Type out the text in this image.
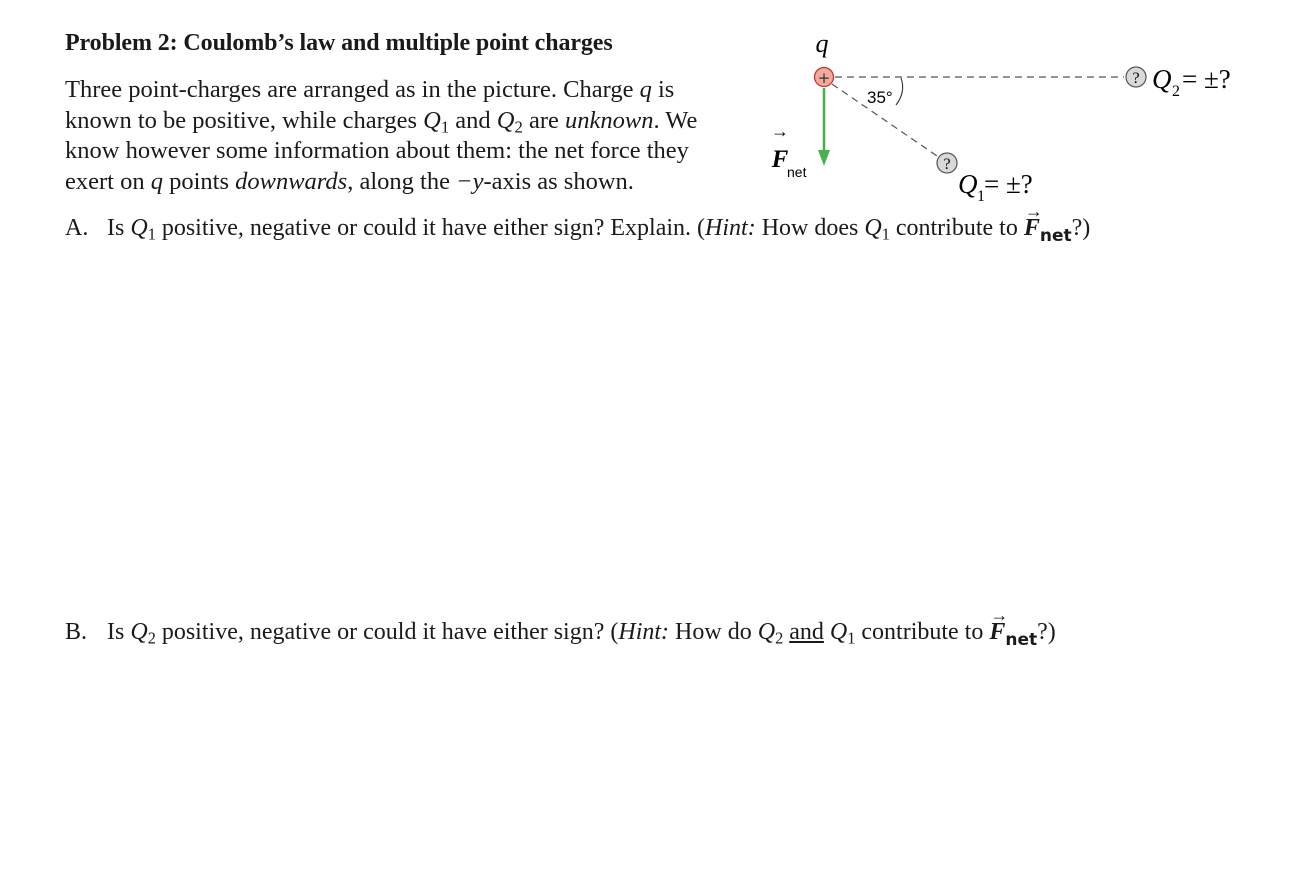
Problem 2: Coulomb’s law and multiple point charges

Three point-charges are arranged as in the picture. Charge q is

known to be positive, while charges $Q_1$ and $Q_2$ are unknown. We

know however some information about them: the net force they

exert on q points downwards, along the −y-axis as shown.

A. Is $Q_1$ positive, negative or could it have either sign? Explain. (Hint: How does $Q_1$ contribute to
→
$F_{net}$?)
B. Is $Q_2$ positive, negative or could it have either sign? (Hint: How do $Q_2$ and $Q_1$ contribute to
→
$F_{net}$?)
q
35°
+
→
F
net
? Q 2 = ±?
?
Q 1 = ±?
